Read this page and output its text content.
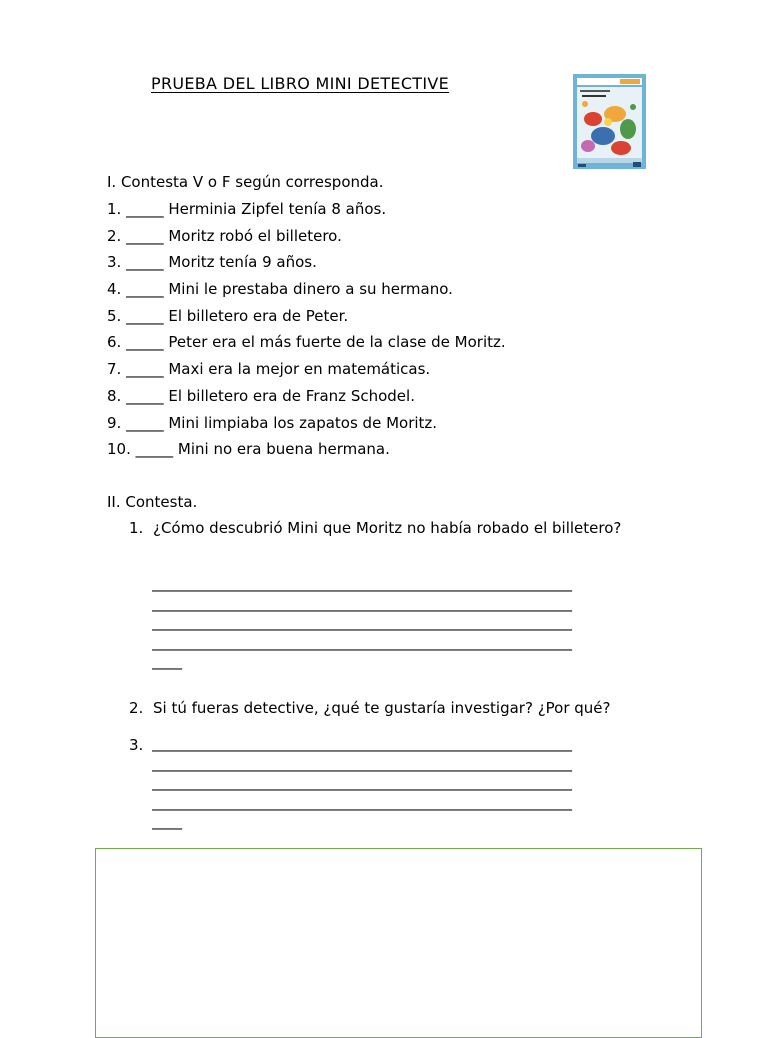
PRUEBA DEL LIBRO MINI DETECTIVE
I. Contesta V o F según corresponda.
1. _____ Herminia Zipfel tenía 8 años.
2. _____ Moritz robó el billetero.
3. _____ Moritz tenía 9 años.
4. _____ Mini le prestaba dinero a su hermano.
5. _____ El billetero era de Peter.
6. _____ Peter era el más fuerte de la clase de Moritz.
7. _____ Maxi era la mejor en matemáticas.
8. _____ El billetero era de Franz Schodel.
9. _____ Mini limpiaba los zapatos de Moritz.
10. _____ Mini no era buena hermana.
II. Contesta.
1. ¿Cómo descubrió Mini que Moritz no había robado el billetero?
________________________________________________________
________________________________________________________
________________________________________________________
________________________________________________________
____
2. Si tú fueras detective, ¿qué te gustaría investigar? ¿Por qué?
3. ________________________________________________________
________________________________________________________
________________________________________________________
________________________________________________________
____
